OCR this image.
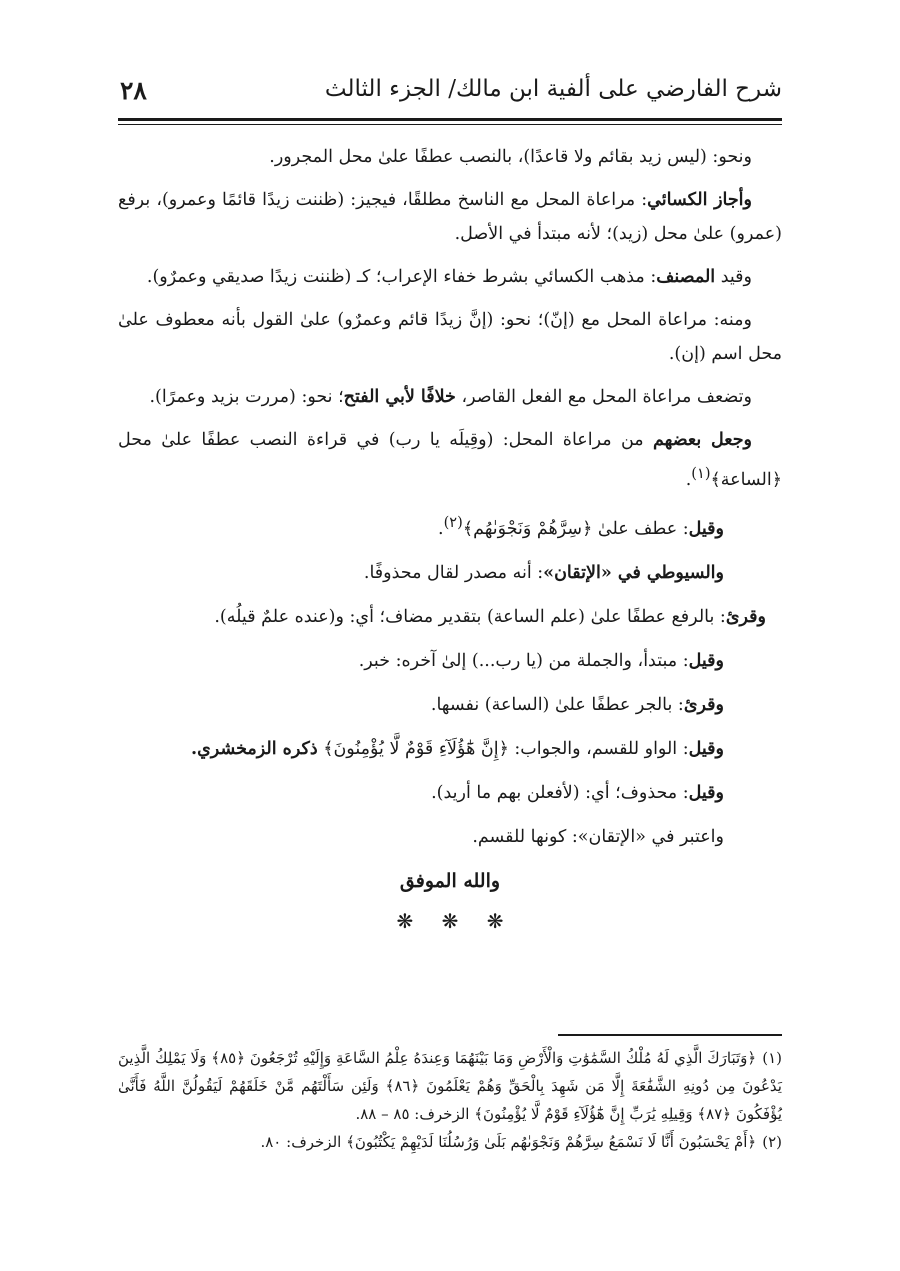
شرح الفارضي على ألفية ابن مالك/ الجزء الثالث
٢٨

ونحو: (ليس زيد بقائم ولا قاعدًا)، بالنصب عطفًا علىٰ محل المجرور.

وأجاز الكسائي: مراعاة المحل مع الناسخ مطلقًا، فيجيز: (ظننت زيدًا قائمًا وعمرو)، برفع (عمرو) علىٰ محل (زيد)؛ لأنه مبتدأ في الأصل.

وقيد المصنف: مذهب الكسائي بشرط خفاء الإعراب؛ كـ (ظننت زيدًا صديقي وعمرٌو).

ومنه: مراعاة المحل مع (إنّ)؛ نحو: (إنَّ زيدًا قائم وعمرٌو) علىٰ القول بأنه معطوف علىٰ محل اسم (إن).

وتضعف مراعاة المحل مع الفعل القاصر، خلافًا لأبي الفتح؛ نحو: (مررت بزيد وعمرًا).

وجعل بعضهم من مراعاة المحل: (وقِيلَه يا رب) في قراءة النصب عطفًا علىٰ محل ﴿الساعة﴾$^{(١)}$.

وقيل: عطف علىٰ ﴿سِرَّهُمْ وَنَجْوَىٰهُم﴾$^{(٢)}$.

والسيوطي في «الإتقان»: أنه مصدر لقال محذوفًا.

وقرئ: بالرفع عطفًا علىٰ (علم الساعة) بتقدير مضاف؛ أي: و(عنده علمٌ قيلُه).

وقيل: مبتدأ، والجملة من (يا رب...) إلىٰ آخره: خبر.

وقرئ: بالجر عطفًا علىٰ (الساعة) نفسها.

وقيل: الواو للقسم، والجواب: ﴿إِنَّ هَٰٓؤُلَآءِ قَوْمٌ لَّا يُؤْمِنُونَ﴾ ذكره الزمخشري.

وقيل: محذوف؛ أي: (لأفعلن بهم ما أريد).

واعتبر في «الإتقان»: كونها للقسم.

والله الموفق

❋ ❋ ❋

(١)﴿وَتَبَارَكَ الَّذِي لَهُ مُلْكُ السَّمَٰوَٰتِ وَالْأَرْضِ وَمَا بَيْنَهُمَا وَعِندَهُ عِلْمُ السَّاعَةِ وَإِلَيْهِ تُرْجَعُونَ ﴿٨٥﴾ وَلَا يَمْلِكُ الَّذِينَ يَدْعُونَ مِن دُونِهِ الشَّفَٰعَةَ إِلَّا مَن شَهِدَ بِالْحَقِّ وَهُمْ يَعْلَمُونَ ﴿٨٦﴾ وَلَئِن سَأَلْتَهُم مَّنْ خَلَقَهُمْ لَيَقُولُنَّ اللَّهُ فَأَنَّىٰ يُؤْفَكُونَ ﴿٨٧﴾ وَقِيلِهِ يَٰرَبِّ إِنَّ هَٰٓؤُلَآءِ قَوْمٌ لَّا يُؤْمِنُونَ﴾ الزخرف: ٨٥ – ٨٨.

(٢)﴿أَمْ يَحْسَبُونَ أَنَّا لَا نَسْمَعُ سِرَّهُمْ وَنَجْوَىٰهُم بَلَىٰ وَرُسُلُنَا لَدَيْهِمْ يَكْتُبُونَ﴾ الزخرف: ٨٠.
